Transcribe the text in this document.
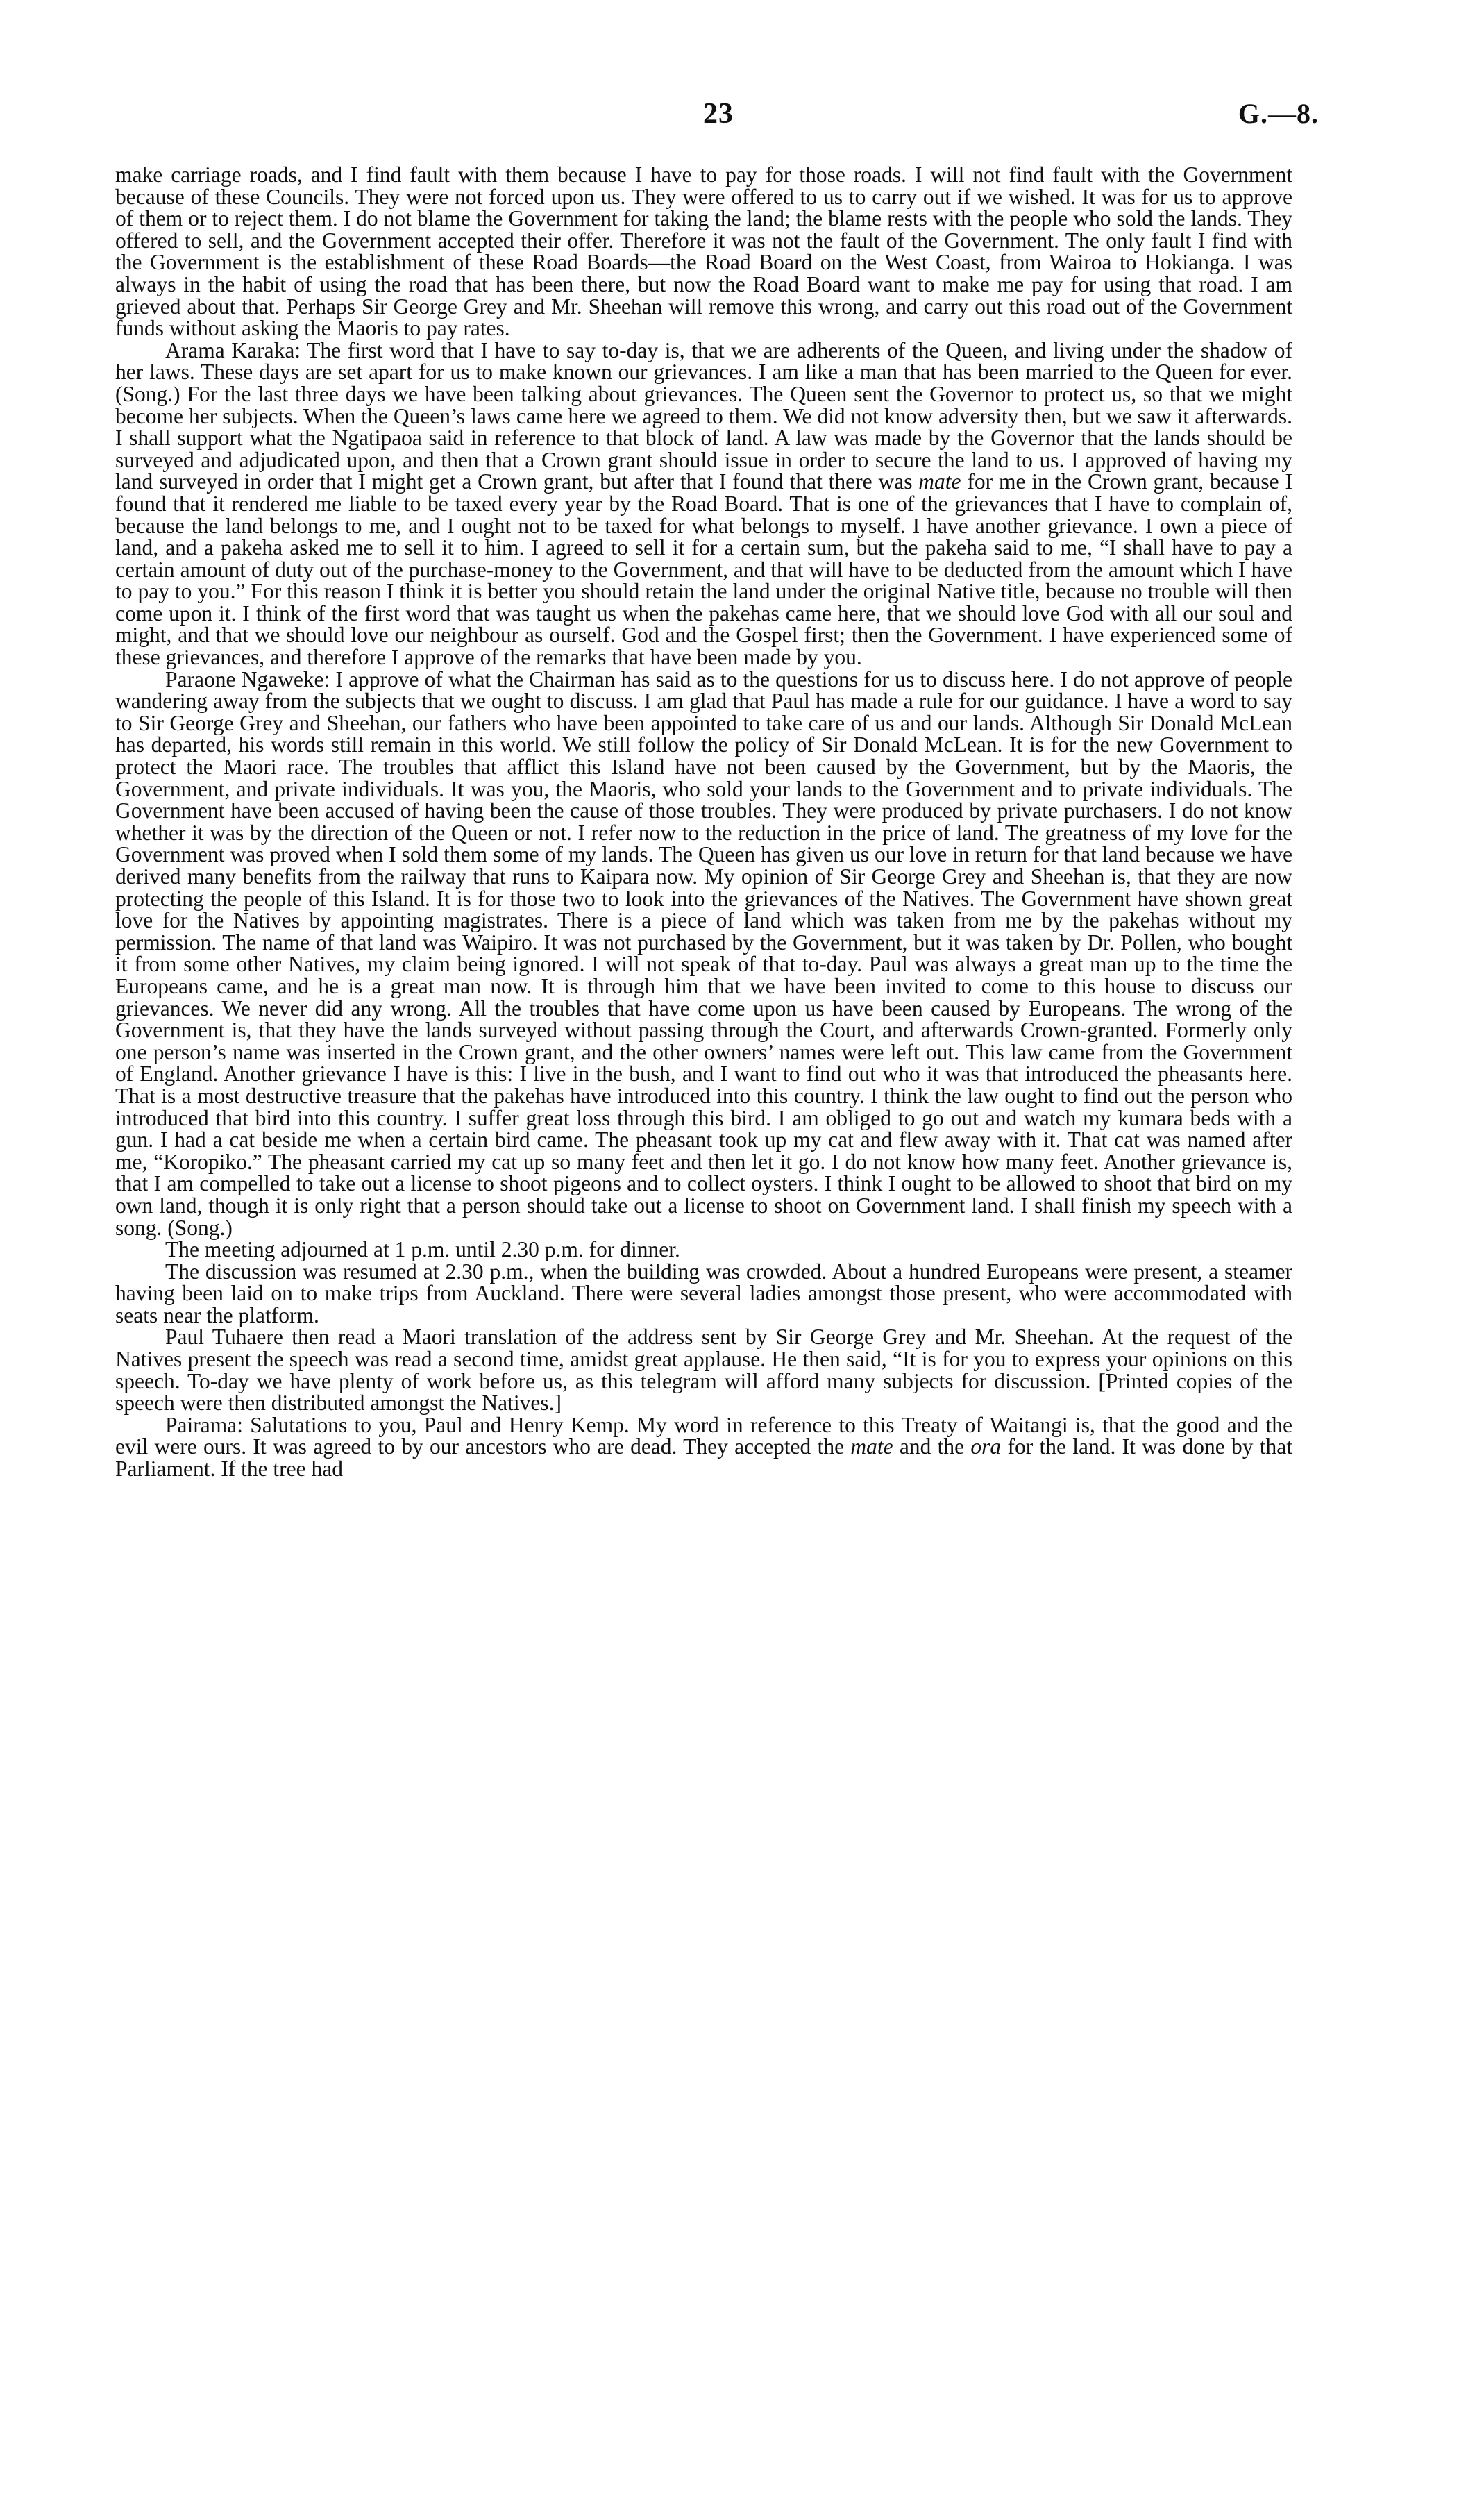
23	G.—8.

make carriage roads, and I find fault with them because I have to pay for those roads. I will not find fault with the Government because of these Councils. They were not forced upon us. They were offered to us to carry out if we wished. It was for us to approve of them or to reject them. I do not blame the Government for taking the land; the blame rests with the people who sold the lands. They offered to sell, and the Government accepted their offer. Therefore it was not the fault of the Government. The only fault I find with the Government is the establishment of these Road Boards—the Road Board on the West Coast, from Wairoa to Hokianga. I was always in the habit of using the road that has been there, but now the Road Board want to make me pay for using that road. I am grieved about that. Perhaps Sir George Grey and Mr. Sheehan will remove this wrong, and carry out this road out of the Government funds without asking the Maoris to pay rates.

Arama Karaka: The first word that I have to say to-day is, that we are adherents of the Queen, and living under the shadow of her laws. These days are set apart for us to make known our grievances. I am like a man that has been married to the Queen for ever. (Song.) For the last three days we have been talking about grievances. The Queen sent the Governor to protect us, so that we might become her subjects. When the Queen’s laws came here we agreed to them. We did not know adversity then, but we saw it afterwards. I shall support what the Ngatipaoa said in reference to that block of land. A law was made by the Governor that the lands should be surveyed and adjudicated upon, and then that a Crown grant should issue in order to secure the land to us. I approved of having my land surveyed in order that I might get a Crown grant, but after that I found that there was mate for me in the Crown grant, because I found that it rendered me liable to be taxed every year by the Road Board. That is one of the grievances that I have to complain of, because the land belongs to me, and I ought not to be taxed for what belongs to myself. I have another grievance. I own a piece of land, and a pakeha asked me to sell it to him. I agreed to sell it for a certain sum, but the pakeha said to me, “I shall have to pay a certain amount of duty out of the purchase-money to the Government, and that will have to be deducted from the amount which I have to pay to you.” For this reason I think it is better you should retain the land under the original Native title, because no trouble will then come upon it. I think of the first word that was taught us when the pakehas came here, that we should love God with all our soul and might, and that we should love our neighbour as ourself. God and the Gospel first; then the Government. I have experienced some of these grievances, and therefore I approve of the remarks that have been made by you.

Paraone Ngaweke: I approve of what the Chairman has said as to the questions for us to discuss here. I do not approve of people wandering away from the subjects that we ought to discuss. I am glad that Paul has made a rule for our guidance. I have a word to say to Sir George Grey and Sheehan, our fathers who have been appointed to take care of us and our lands. Although Sir Donald McLean has departed, his words still remain in this world. We still follow the policy of Sir Donald McLean. It is for the new Government to protect the Maori race. The troubles that afflict this Island have not been caused by the Government, but by the Maoris, the Government, and private individuals. It was you, the Maoris, who sold your lands to the Government and to private individuals. The Government have been accused of having been the cause of those troubles. They were produced by private purchasers. I do not know whether it was by the direction of the Queen or not. I refer now to the reduction in the price of land. The greatness of my love for the Government was proved when I sold them some of my lands. The Queen has given us our love in return for that land because we have derived many benefits from the railway that runs to Kaipara now. My opinion of Sir George Grey and Sheehan is, that they are now protecting the people of this Island. It is for those two to look into the grievances of the Natives. The Government have shown great love for the Natives by appointing magistrates. There is a piece of land which was taken from me by the pakehas without my permission. The name of that land was Waipiro. It was not purchased by the Government, but it was taken by Dr. Pollen, who bought it from some other Natives, my claim being ignored. I will not speak of that to-day. Paul was always a great man up to the time the Europeans came, and he is a great man now. It is through him that we have been invited to come to this house to discuss our grievances. We never did any wrong. All the troubles that have come upon us have been caused by Europeans. The wrong of the Government is, that they have the lands surveyed without passing through the Court, and afterwards Crown-granted. Formerly only one person’s name was inserted in the Crown grant, and the other owners’ names were left out. This law came from the Government of England. Another grievance I have is this: I live in the bush, and I want to find out who it was that introduced the pheasants here. That is a most destructive treasure that the pakehas have introduced into this country. I think the law ought to find out the person who introduced that bird into this country. I suffer great loss through this bird. I am obliged to go out and watch my kumara beds with a gun. I had a cat beside me when a certain bird came. The pheasant took up my cat and flew away with it. That cat was named after me, “Koropiko.” The pheasant carried my cat up so many feet and then let it go. I do not know how many feet. Another grievance is, that I am compelled to take out a license to shoot pigeons and to collect oysters. I think I ought to be allowed to shoot that bird on my own land, though it is only right that a person should take out a license to shoot on Government land. I shall finish my speech with a song. (Song.)

The meeting adjourned at 1 p.m. until 2.30 p.m. for dinner.

The discussion was resumed at 2.30 p.m., when the building was crowded. About a hundred Europeans were present, a steamer having been laid on to make trips from Auckland. There were several ladies amongst those present, who were accommodated with seats near the platform.

Paul Tuhaere then read a Maori translation of the address sent by Sir George Grey and Mr. Sheehan. At the request of the Natives present the speech was read a second time, amidst great applause. He then said, “It is for you to express your opinions on this speech. To-day we have plenty of work before us, as this telegram will afford many subjects for discussion. [Printed copies of the speech were then distributed amongst the Natives.]

Pairama: Salutations to you, Paul and Henry Kemp. My word in reference to this Treaty of Waitangi is, that the good and the evil were ours. It was agreed to by our ancestors who are dead. They accepted the mate and the ora for the land. It was done by that Parliament. If the tree had
